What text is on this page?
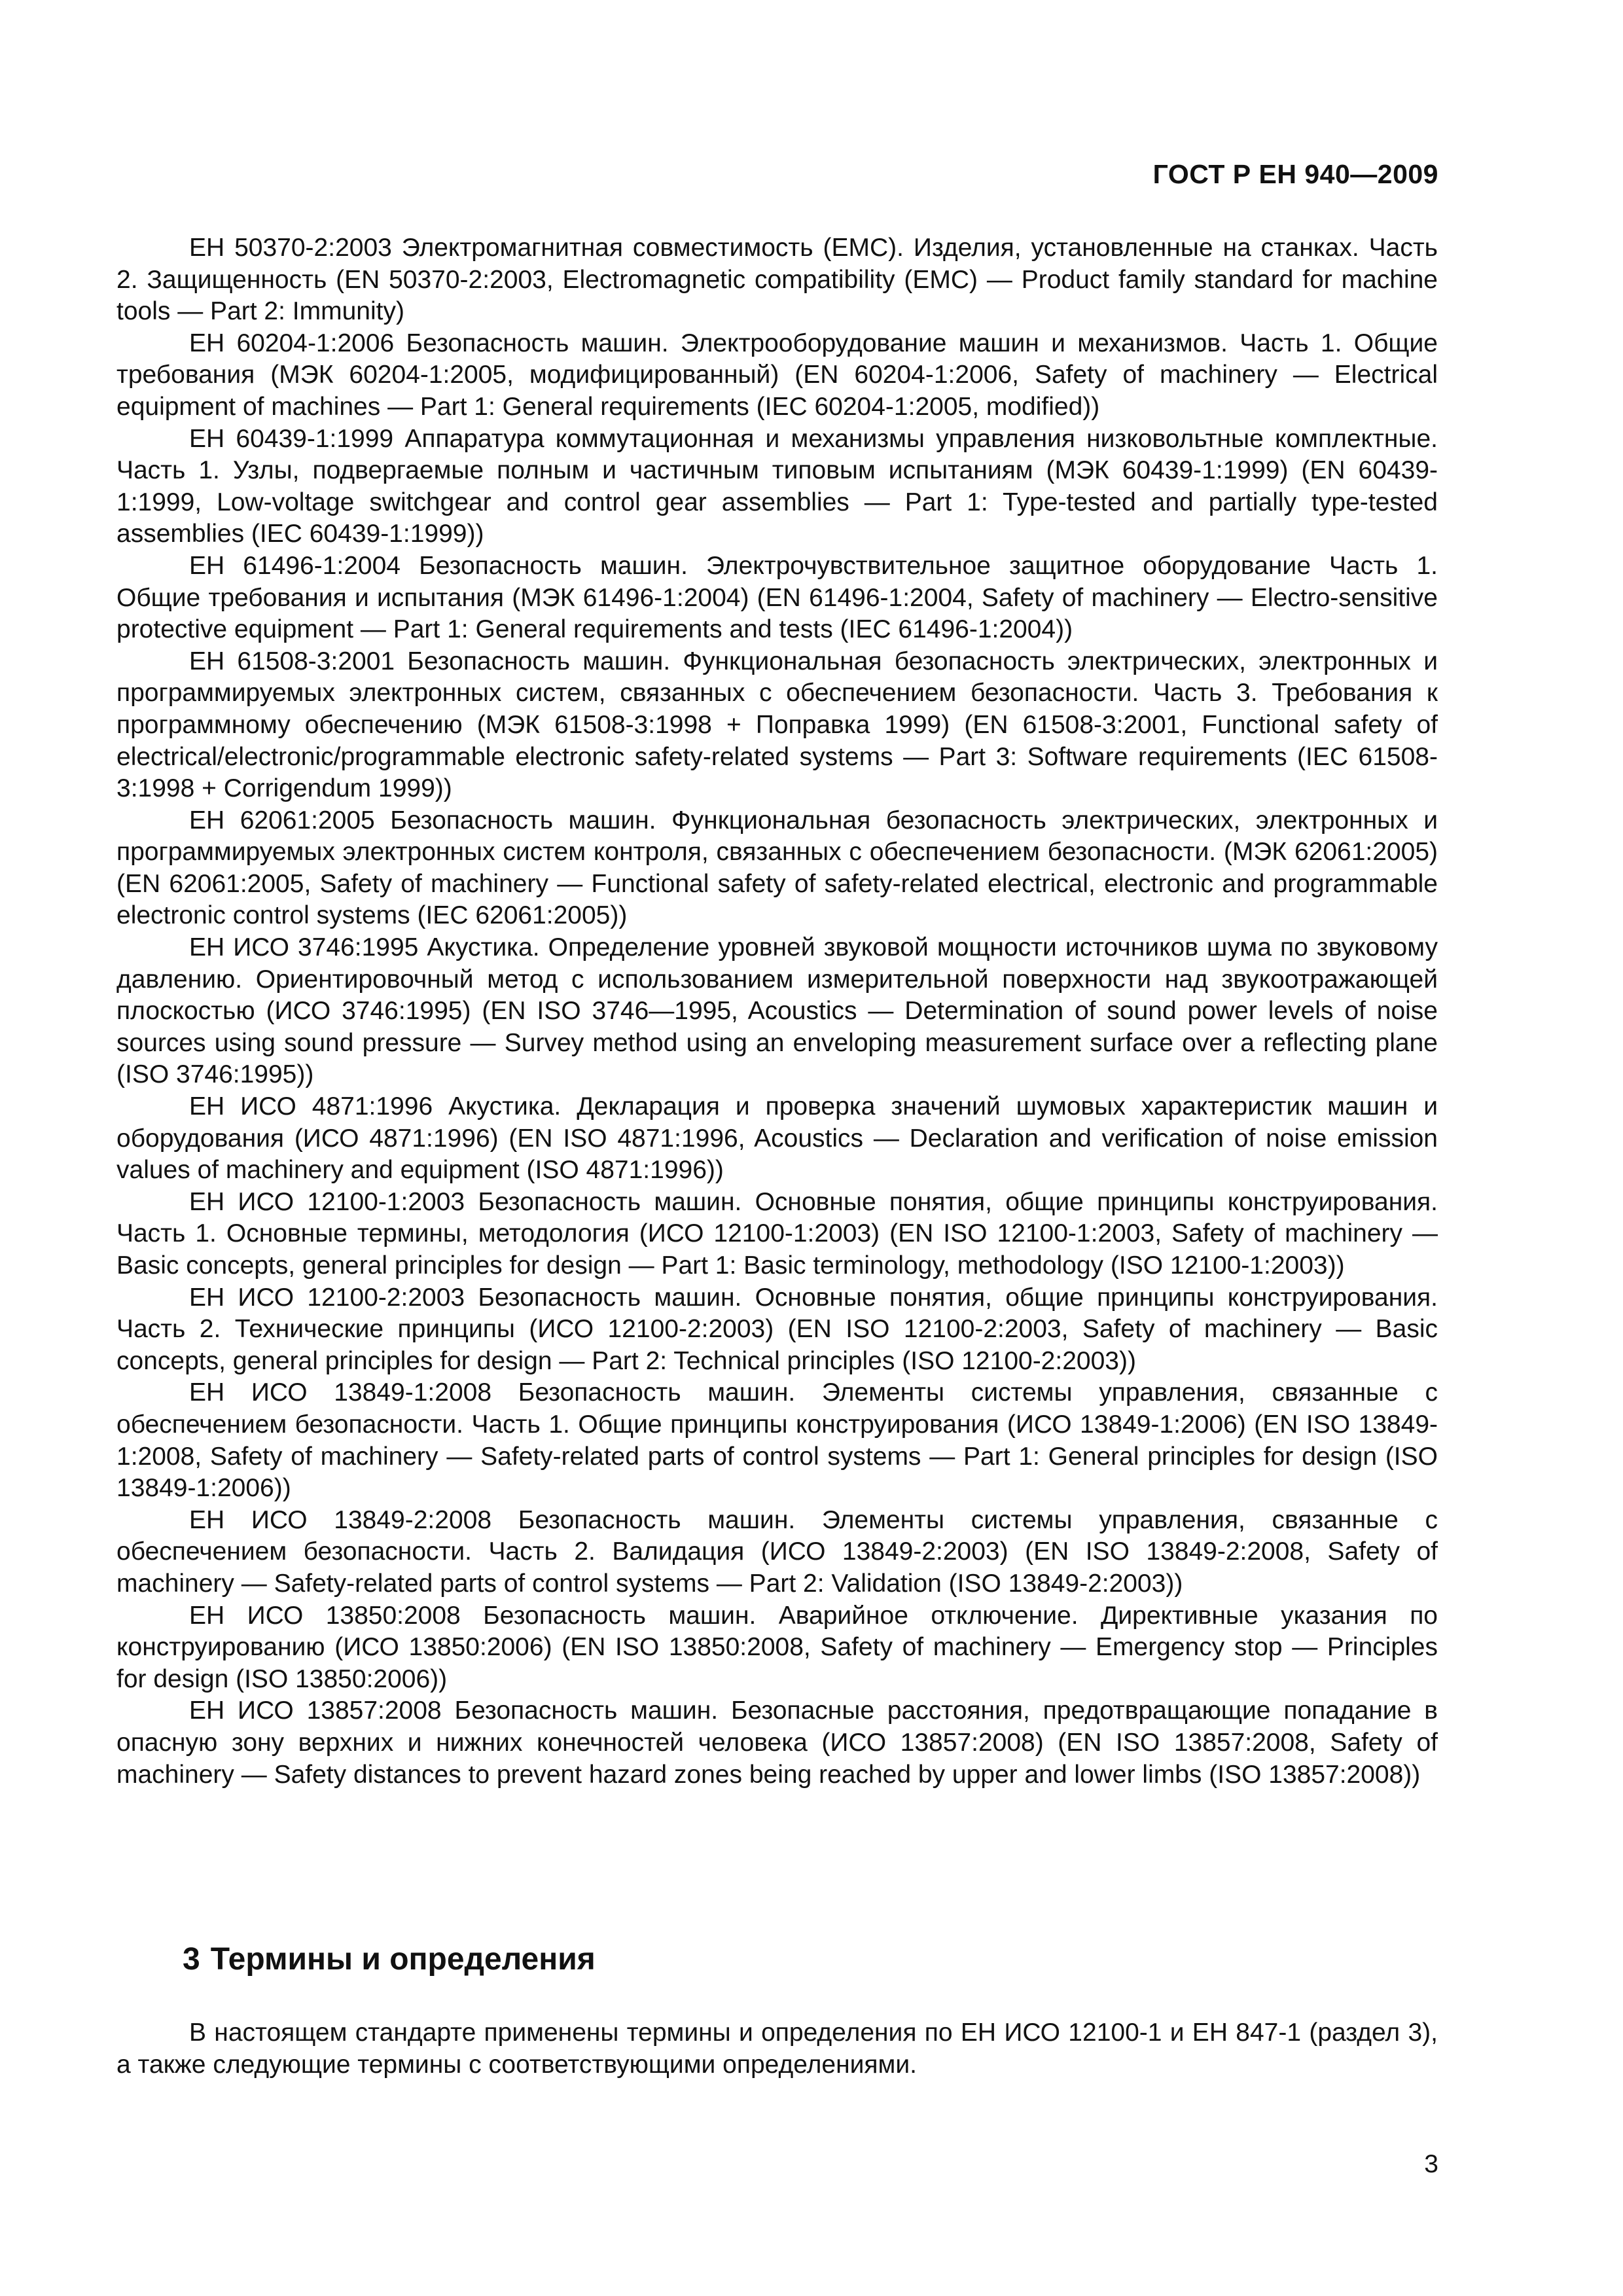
ГОСТ Р ЕН 940—2009

ЕН 50370-2:2003 Электромагнитная совместимость (EMC). Изделия, установленные на станках. Часть 2. Защищенность (EN 50370-2:2003, Electromagnetic compatibility (EMC) — Product family standard for machine tools — Part 2: Immunity)

ЕН 60204-1:2006 Безопасность машин. Электрооборудование машин и механизмов. Часть 1. Общие требования (МЭК 60204-1:2005, модифицированный) (EN 60204-1:2006, Safety of machinery — Electrical equipment of machines — Part 1: General requirements (IEC 60204-1:2005, modified))

ЕН 60439-1:1999 Аппаратура коммутационная и механизмы управления низковольтные комплектные. Часть 1. Узлы, подвергаемые полным и частичным типовым испытаниям (МЭК 60439-1:1999) (EN 60439-1:1999, Low-voltage switchgear and control gear assemblies — Part 1: Type-tested and partially type-tested assemblies (IEC 60439-1:1999))

ЕН 61496-1:2004 Безопасность машин. Электрочувствительное защитное оборудование Часть 1. Общие требования и испытания (МЭК 61496-1:2004) (EN 61496-1:2004, Safety of machinery — Electro-sensitive protective equipment — Part 1: General requirements and tests (IEC 61496-1:2004))

ЕН 61508-3:2001 Безопасность машин. Функциональная безопасность электрических, электронных и программируемых электронных систем, связанных с обеспечением безопасности. Часть 3. Требования к программному обеспечению (МЭК 61508-3:1998 + Поправка 1999) (EN 61508-3:2001, Functional safety of electrical/electronic/programmable electronic safety-related systems — Part 3: Software requirements (IEC 61508-3:1998 + Corrigendum 1999))

ЕН 62061:2005 Безопасность машин. Функциональная безопасность электрических, электронных и программируемых электронных систем контроля, связанных с обеспечением безопасности. (МЭК 62061:2005) (EN 62061:2005, Safety of machinery — Functional safety of safety-related electrical, electronic and programmable electronic control systems (IEC 62061:2005))

ЕН ИСО 3746:1995 Акустика. Определение уровней звуковой мощности источников шума по звуковому давлению. Ориентировочный метод с использованием измерительной поверхности над звукоотражающей плоскостью (ИСО 3746:1995) (EN ISO 3746—1995, Acoustics — Determination of sound power levels of noise sources using sound pressure — Survey method using an enveloping measurement surface over a reflecting plane (ISO 3746:1995))

ЕН ИСО 4871:1996 Акустика. Декларация и проверка значений шумовых характеристик машин и оборудования (ИСО 4871:1996) (EN ISO 4871:1996, Acoustics — Declaration and verification of noise emission values of machinery and equipment (ISO 4871:1996))

ЕН ИСО 12100-1:2003 Безопасность машин. Основные понятия, общие принципы конструирования. Часть 1. Основные термины, методология (ИСО 12100-1:2003) (EN ISO 12100-1:2003, Safety of machinery — Basic concepts, general principles for design — Part 1: Basic terminology, methodology (ISO 12100-1:2003))

ЕН ИСО 12100-2:2003 Безопасность машин. Основные понятия, общие принципы конструирования. Часть 2. Технические принципы (ИСО 12100-2:2003) (EN ISO 12100-2:2003, Safety of machinery — Basic concepts, general principles for design — Part 2: Technical principles (ISO 12100-2:2003))

ЕН ИСО 13849-1:2008 Безопасность машин. Элементы системы управления, связанные с обеспечением безопасности. Часть 1. Общие принципы конструирования (ИСО 13849-1:2006) (EN ISO 13849-1:2008, Safety of machinery — Safety-related parts of control systems — Part 1: General principles for design (ISO 13849-1:2006))

ЕН ИСО 13849-2:2008 Безопасность машин. Элементы системы управления, связанные с обеспечением безопасности. Часть 2. Валидация (ИСО 13849-2:2003) (EN ISO 13849-2:2008, Safety of machinery — Safety-related parts of control systems — Part 2: Validation (ISO 13849-2:2003))

ЕН ИСО 13850:2008 Безопасность машин. Аварийное отключение. Директивные указания по конструированию (ИСО 13850:2006) (EN ISO 13850:2008, Safety of machinery — Emergency stop — Principles for design (ISO 13850:2006))

ЕН ИСО 13857:2008 Безопасность машин. Безопасные расстояния, предотвращающие попадание в опасную зону верхних и нижних конечностей человека (ИСО 13857:2008) (EN ISO 13857:2008, Safety of machinery — Safety distances to prevent hazard zones being reached by upper and lower limbs (ISO 13857:2008))

3 Термины и определения

В настоящем стандарте применены термины и определения по ЕН ИСО 12100-1 и ЕН 847-1 (раздел 3), а также следующие термины с соответствующими определениями.

3
